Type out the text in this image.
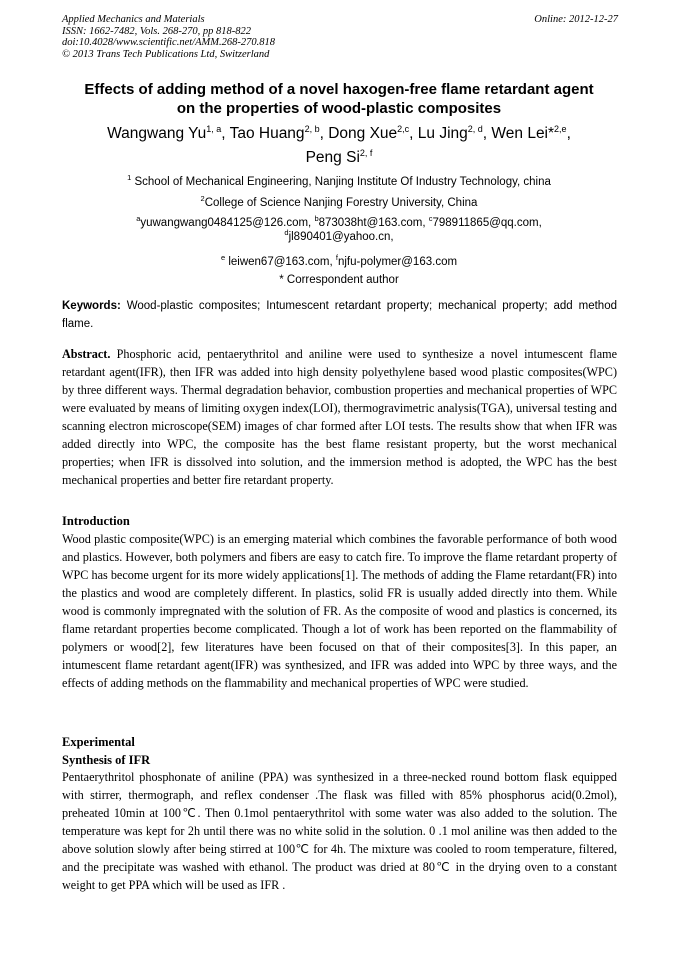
Applied Mechanics and Materials
ISSN: 1662-7482, Vols. 268-270, pp 818-822
doi:10.4028/www.scientific.net/AMM.268-270.818
© 2013 Trans Tech Publications Ltd, Switzerland
Online: 2012-12-27
Effects of adding method of a novel haxogen-free flame retardant agent
on the properties of wood-plastic composites
Wangwang Yu$^{1, a}$, Tao Huang$^{2, b}$, Dong Xue$^{2,c}$, Lu Jing$^{2, d}$, Wen Lei*$^{2,e}$,
Peng Si$^{2, f}$
$^1$ School of Mechanical Engineering, Nanjing Institute Of Industry Technology, china
$^2$College of Science Nanjing Forestry University, China
$^a$yuwangwang0484125@126.com, $^b$873038ht@163.com, $^c$798911865@qq.com,
$^d$jl890401@yahoo.cn,
$^e$ leiwen67@163.com, $^f$njfu-polymer@163.com
* Correspondent author
Keywords: Wood-plastic composites; Intumescent retardant property; mechanical property; add method flame.
Abstract. Phosphoric acid, pentaerythritol and aniline were used to synthesize a novel intumescent flame retardant agent(IFR), then IFR was added into high density polyethylene based wood plastic composites(WPC) by three different ways. Thermal degradation behavior, combustion properties and mechanical properties of WPC were evaluated by means of limiting oxygen index(LOI), thermogravimetric analysis(TGA), universal testing and scanning electron microscope(SEM) images of char formed after LOI tests. The results show that when IFR was added directly into WPC, the composite has the best flame resistant property, but the worst mechanical properties; when IFR is dissolved into solution, and the immersion method is adopted, the WPC has the best mechanical properties and better fire retardant property.
Introduction
Wood plastic composite(WPC) is an emerging material which combines the favorable performance of both wood and plastics. However, both polymers and fibers are easy to catch fire. To improve the flame retardant property of WPC has become urgent for its more widely applications[1]. The methods of adding the Flame retardant(FR) into the plastics and wood are completely different. In plastics, solid FR is usually added directly into them. While wood is commonly impregnated with the solution of FR. As the composite of wood and plastics is concerned, its flame retardant properties become complicated. Though a lot of work has been reported on the flammability of polymers or wood[2], few literatures have been focused on that of their composites[3]. In this paper, an intumescent flame retardant agent(IFR) was synthesized, and IFR was added into WPC by three ways, and the effects of adding methods on the flammability and mechanical properties of WPC were studied.
Experimental
Synthesis of IFR
Pentaerythritol phosphonate of aniline (PPA) was synthesized in a three-necked round bottom flask equipped with stirrer, thermograph, and reflex condenser .The flask was filled with 85% phosphorus acid(0.2mol), preheated 10min at 100℃. Then 0.1mol pentaerythritol with some water was also added to the solution. The temperature was kept for 2h until there was no white solid in the solution. 0 .1 mol aniline was then added to the above solution slowly after being stirred at 100℃ for 4h. The mixture was cooled to room temperature, filtered, and the precipitate was washed with ethanol. The product was dried at 80℃ in the drying oven to a constant weight to get PPA which will be used as IFR .
